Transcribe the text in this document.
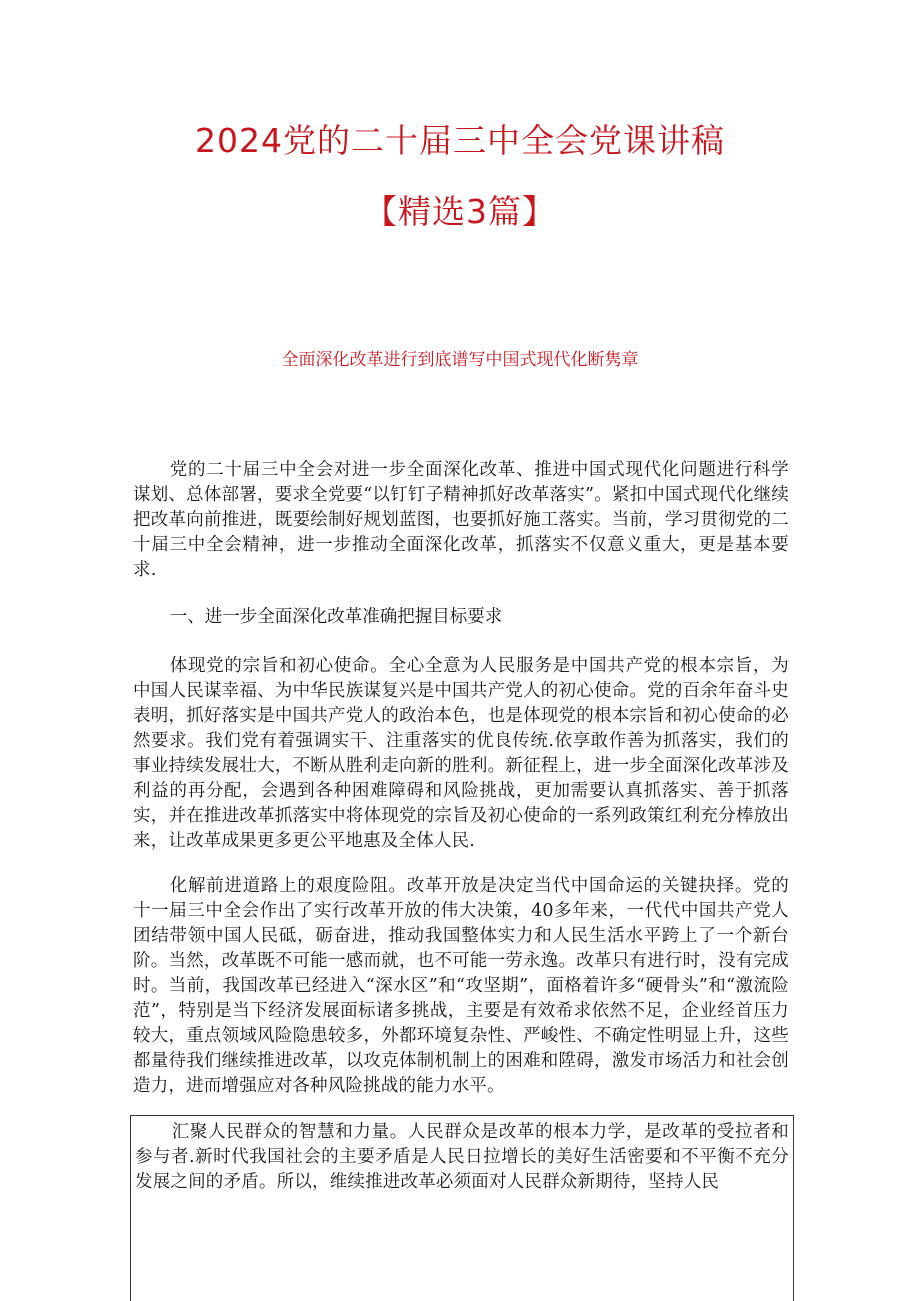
2024党的二十届三中全会党课讲稿
【精选3篇】

全面深化改革进行到底谱写中国式现代化断隽章

党的二十届三中全会对进一步全面深化改革、推进中国式现代化问题进行科学谋划、总体部署，要求全党要“以钉钉子精神抓好改革落实”。紧扣中国式现代化继续把改革向前推进，既要绘制好规划蓝图，也要抓好施工落实。当前，学习贯彻党的二十届三中全会精神，进一步推动全面深化改革，抓落实不仅意义重大，更是基本要求.

一、进一步全面深化改革准确把握目标要求

体现党的宗旨和初心使命。全心全意为人民服务是中国共产党的根本宗旨，为中国人民谋幸福、为中华民族谋复兴是中国共产党人的初心使命。党的百余年奋斗史表明，抓好落实是中国共产党人的政治本色，也是体现党的根本宗旨和初心使命的必然要求。我们党有着强调实干、注重落实的优良传统.依享敢作善为抓落实，我们的事业持续发展壮大，不断从胜利走向新的胜利。新征程上，进一步全面深化改革涉及利益的再分配，会遇到各种困难障碍和风险挑战，更加需要认真抓落实、善于抓落实，并在推进改革抓落实中将体现党的宗旨及初心使命的一系列政策红利充分棒放出来，让改革成果更多更公平地惠及全体人民.

化解前进道路上的艰度险阻。改革开放是决定当代中国命运的关键抉择。党的十一届三中全会作出了实行改革开放的伟大决策，40多年来，一代代中国共产党人团结带领中国人民砥，砺奋进，推动我国整体实力和人民生活水平跨上了一个新台阶。当然，改革既不可能一感而就，也不可能一劳永逸。改革只有进行时，没有完成时。当前，我国改革已经进入“深水区”和“攻坚期”，面格着许多“硬骨头”和“激流险范”，特别是当下经济发展面标诸多挑战，主要是有效希求依然不足，企业经首压力较大，重点领域风险隐患较多，外都环境复杂性、严峻性、不确定性明显上升，这些都量待我们继续推进改革，以攻克体制机制上的困难和陞碍，激发市场活力和社会创造力，进而增强应对各种风险挑战的能力水平。

汇聚人民群众的智慧和力量。人民群众是改革的根本力学，是改革的受拉者和参与者.新时代我国社会的主要矛盾是人民日拉增长的美好生活密要和不平衡不充分发展之间的矛盾。所以，维续推进改革必须面对人民群众新期待，坚持人民
